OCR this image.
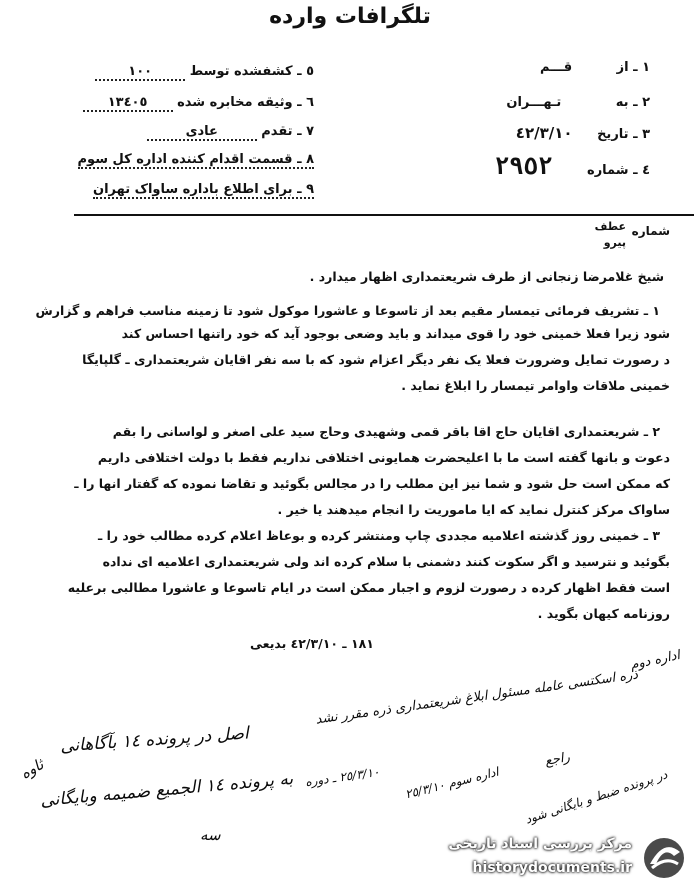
تلگرافات وارده
١ ـ از قـــم
٢ ـ به تـهـــران
٣ ـ تاریخ ٤٢/٣/١٠
٤ ـ شماره ٢٩٥٢
٥ ـ کشفشده توسط ١٠٠
٦ ـ وثیقه مخابره شده ١٣٤٠٥
٧ ـ تقدم عادی
٨ ـ قسمت اقدام کننده اداره کل سوم
٩ ـ برای اطلاع باداره ساواک تهران
شماره
عطف
پیرو
شیخ غلامرضا زنجانی از طرف شریعتمداری اظهار میدارد .
١ ـ تشریف فرمائی تیمسار مقیم بعد از تاسوعا و عاشورا موکول شود تا زمینه مناسب فراهم و گزارش
شود زیرا فعلا خمینی خود را قوی میداند و باید وضعی بوجود آید که خود راتنها احساس کند
د رصورت تمایل وضرورت فعلا یک نفر دیگر اعزام شود که با سه نفر اقایان شریعتمداری ـ گلپایگا
خمینی ملاقات واوامر تیمسار را ابلاغ نماید .
٢ ـ شریعتمداری اقایان حاج اقا باقر قمی وشهیدی وحاج سید علی اصغر و لواسانی را بقم
دعوت و بانها گفته است ما با اعلیحضرت همایونی اختلافی نداریم فقط با دولت اختلافی داریم
که ممکن است حل شود و شما نیز این مطلب را در مجالس بگوئید و تقاضا نموده که گفتار انها را ـ
ساواک مرکز کنترل نماید که ایا ماموریت را انجام میدهند یا خیر .
٣ ـ خمینی روز گذشته اعلامیه مجددی چاپ ومنتشر کرده و بوعاظ اعلام کرده مطالب خود را ـ
بگوئید و نترسید و اگر سکوت کنند دشمنی با سلام کرده اند ولی شریعتمداری اعلامیه ای نداده
است فقط اظهار کرده د رصورت لزوم و اجبار ممکن است در ایام تاسوعا و عاشورا مطالبی برعلیه
روزنامه کیهان بگوید .
١٨١ ـ ٤٢/٣/١٠ بدیعی
اداره دوم
ذره اسکتسی عامله مسئول ابلاغ شریعتمداری ذره مقرر نشد
راجع
اصل در پرونده ١٤ بآگاهانی
به پرونده ١٤ الجمیع ضمیمه وبایگانی
ثاوه
سه
اداره سوم ٢٥/٣/١٠ در پرونده ضبط و بایگانی شود
٢٥/٣/١٠ ـ دوره
مرکز بررسی اسناد تاریخی
historydocuments.ir
